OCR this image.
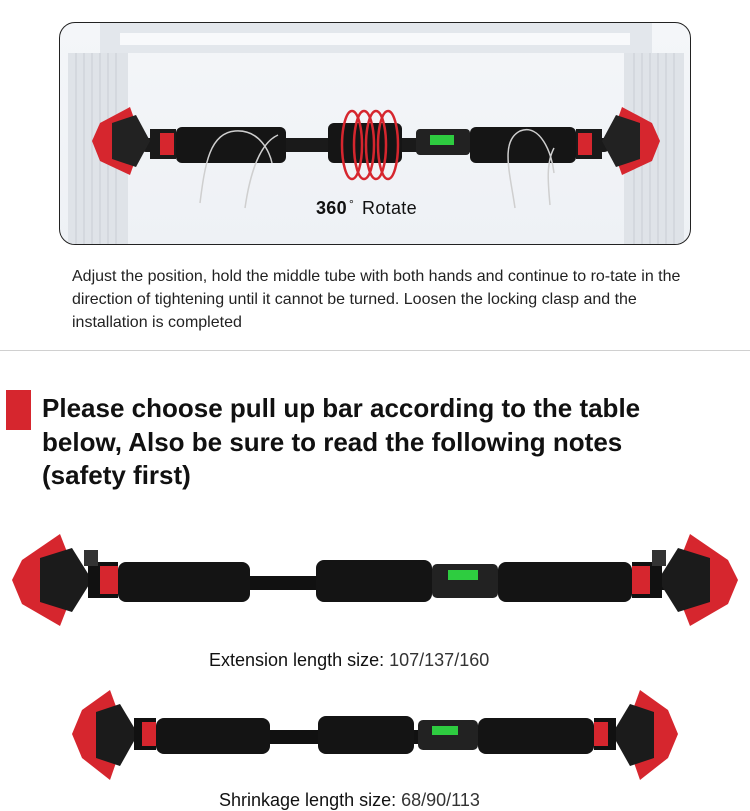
360 ° Rotate
Adjust the position, hold the middle tube with both hands and continue to ro-tate in the direction of tightening until it cannot be turned. Loosen the locking clasp and the installation is completed
Please choose pull up bar according to the table
below, Also be sure to read the following notes
(safety first)
Extension length size: 107/137/160
Shrinkage length size: 68/90/113
